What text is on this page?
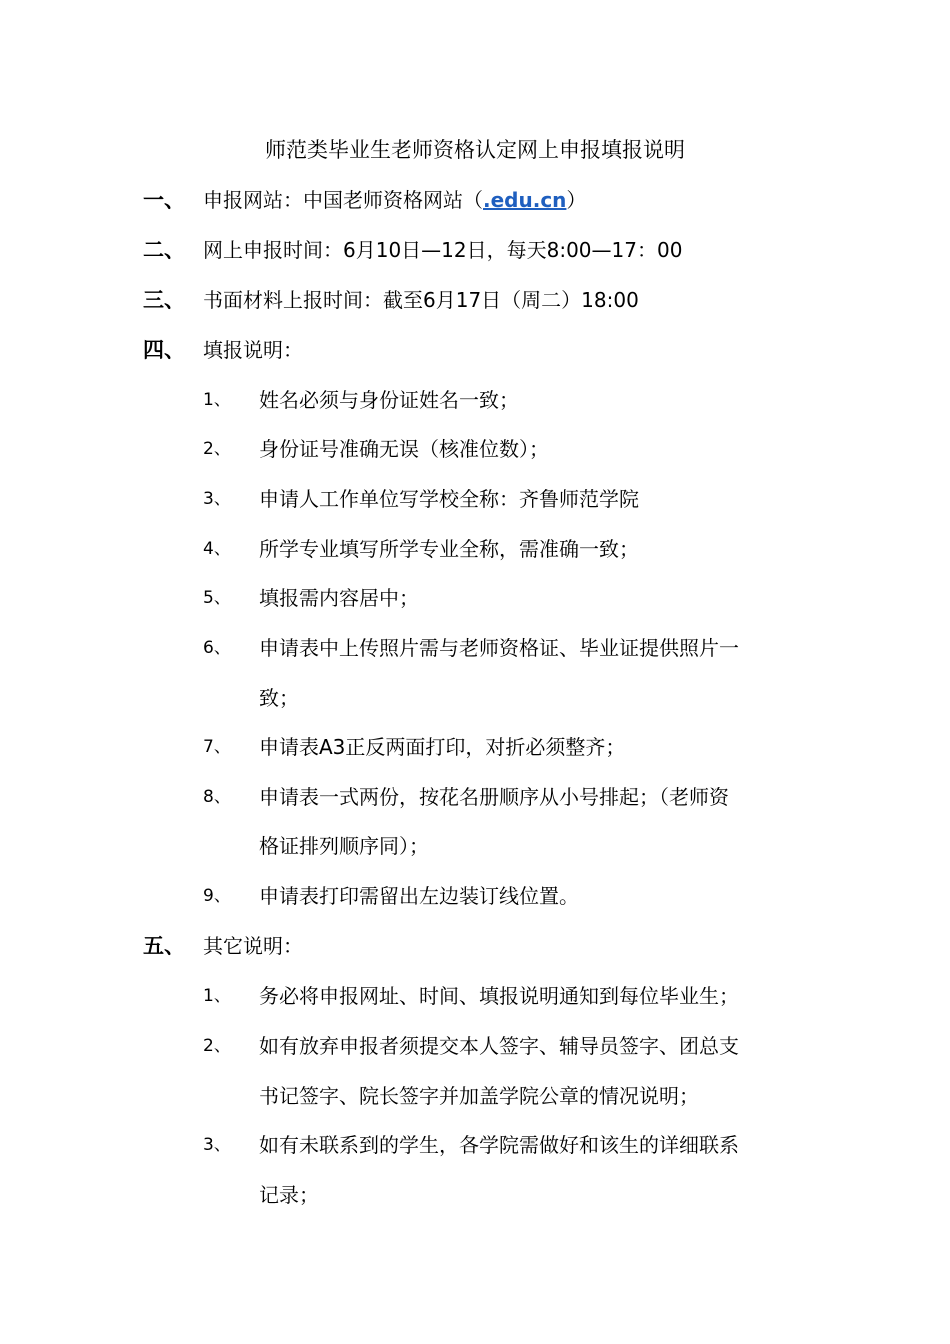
师范类毕业生老师资格认定网上申报填报说明
一、 申报网站：中国老师资格网站（.edu.cn）
二、 网上申报时间：6月10日—12日，每天8:00—17：00
三、 书面材料上报时间：截至6月17日（周二）18:00
四、 填报说明：
1、 姓名必须与身份证姓名一致；
2、 身份证号准确无误（核准位数）；
3、 申请人工作单位写学校全称：齐鲁师范学院
4、 所学专业填写所学专业全称，需准确一致；
5、 填报需内容居中；
6、 申请表中上传照片需与老师资格证、毕业证提供照片一
致；
7、 申请表A3正反两面打印，对折必须整齐；
8、 申请表一式两份，按花名册顺序从小号排起；（老师资
格证排列顺序同）；
9、 申请表打印需留出左边装订线位置。
五、 其它说明：
1、 务必将申报网址、时间、填报说明通知到每位毕业生；
2、 如有放弃申报者须提交本人签字、辅导员签字、团总支
书记签字、院长签字并加盖学院公章的情况说明；
3、 如有未联系到的学生，各学院需做好和该生的详细联系
记录；
